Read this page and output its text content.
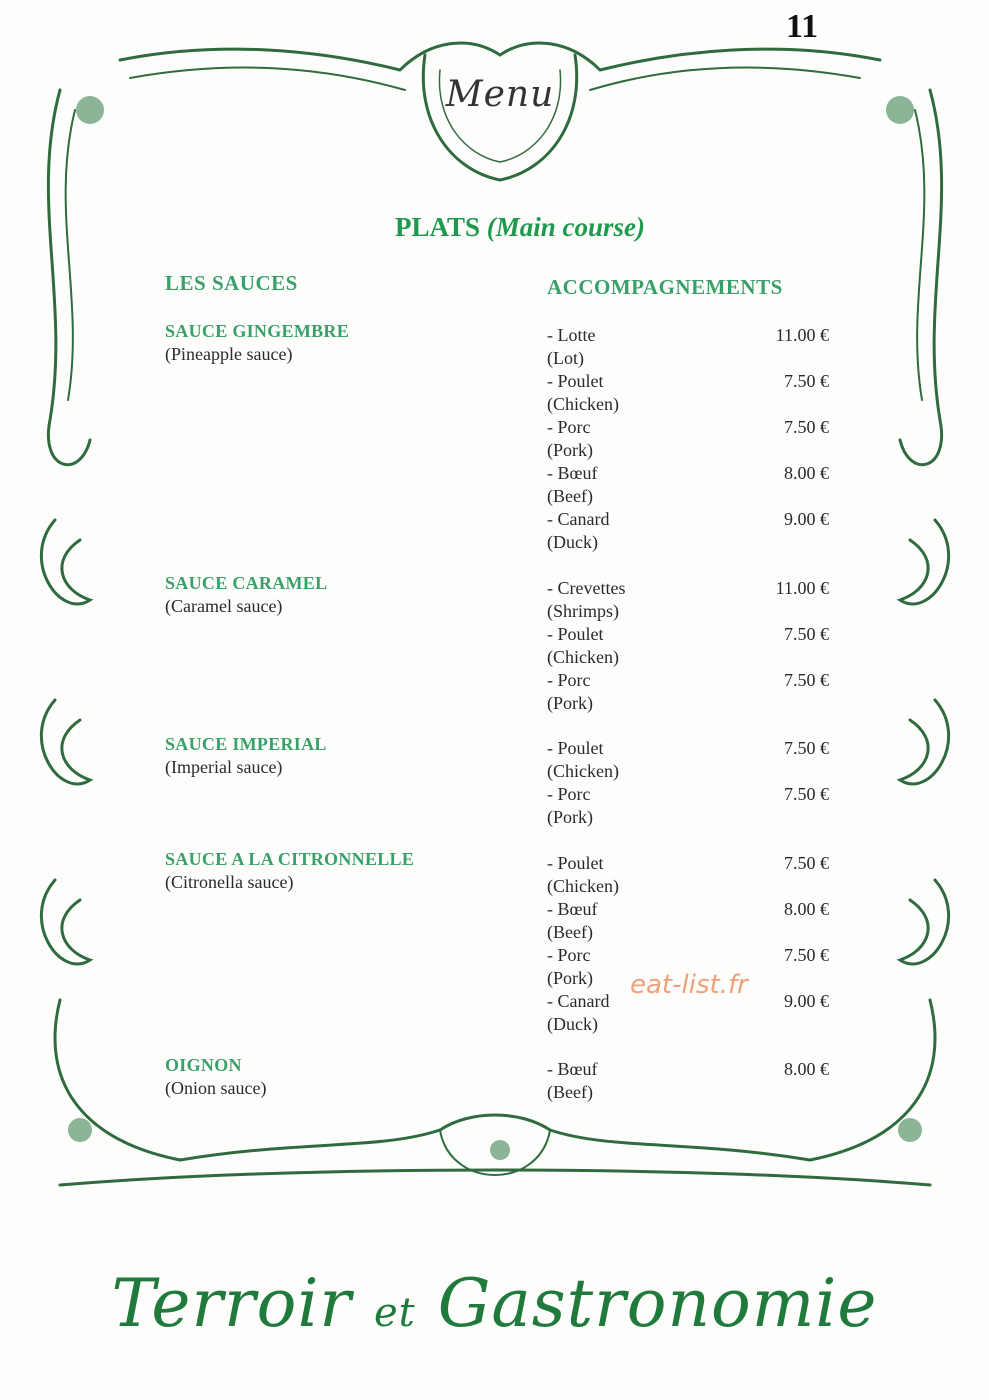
11
Menu
PLATS (Main course)
LES SAUCES	ACCOMPAGNEMENTS
SAUCE GINGEMBRE
(Pineapple sauce)
- Lotte
(Lot)
11.00 €
- Poulet
(Chicken)
7.50 €
- Porc
(Pork)
7.50 €
- Bœuf
(Beef)
8.00 €
- Canard
(Duck)
9.00 €
SAUCE CARAMEL
(Caramel sauce)
- Crevettes
(Shrimps)
11.00 €
- Poulet
(Chicken)
7.50 €
- Porc
(Pork)
7.50 €
SAUCE IMPERIAL
(Imperial sauce)
- Poulet
(Chicken)
7.50 €
- Porc
(Pork)
7.50 €
SAUCE A LA CITRONNELLE
(Citronella sauce)
- Poulet
(Chicken)
7.50 €
- Bœuf
(Beef)
8.00 €
- Porc
(Pork)
7.50 €
- Canard
(Duck)
9.00 €
OIGNON
(Onion sauce)
- Bœuf
(Beef)
8.00 €
eat-list.fr
Terroir et Gastronomie
